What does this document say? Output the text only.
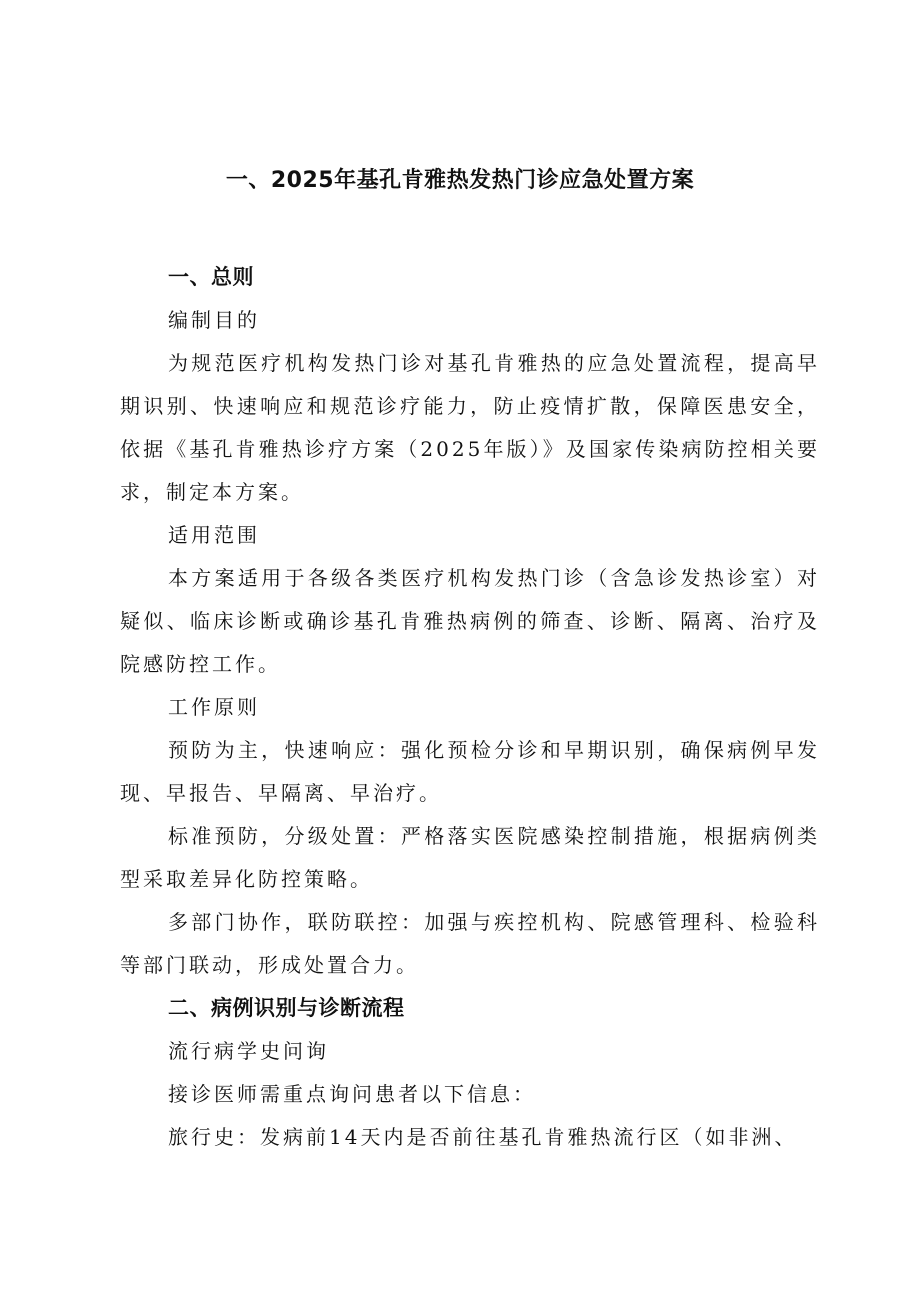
一、2025年基孔肯雅热发热门诊应急处置方案
一、总则
编制目的
为规范医疗机构发热门诊对基孔肯雅热的应急处置流程，提高早期识别、快速响应和规范诊疗能力，防止疫情扩散，保障医患安全，依据《基孔肯雅热诊疗方案（2025年版）》及国家传染病防控相关要求，制定本方案。
适用范围
本方案适用于各级各类医疗机构发热门诊（含急诊发热诊室）对疑似、临床诊断或确诊基孔肯雅热病例的筛查、诊断、隔离、治疗及院感防控工作。
工作原则
预防为主，快速响应：强化预检分诊和早期识别，确保病例早发现、早报告、早隔离、早治疗。
标准预防，分级处置：严格落实医院感染控制措施，根据病例类型采取差异化防控策略。
多部门协作，联防联控：加强与疾控机构、院感管理科、检验科等部门联动，形成处置合力。
二、病例识别与诊断流程
流行病学史问询
接诊医师需重点询问患者以下信息：
旅行史：发病前14天内是否前往基孔肯雅热流行区（如非洲、
